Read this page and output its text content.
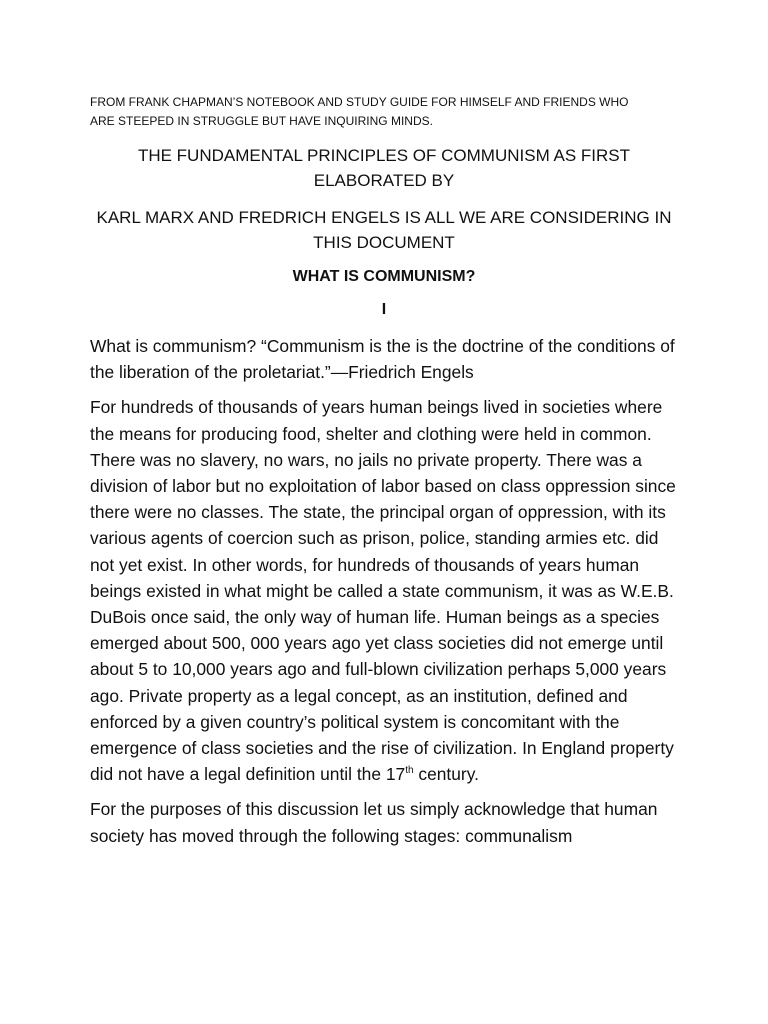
FROM FRANK CHAPMAN’S NOTEBOOK AND STUDY GUIDE FOR HIMSELF AND FRIENDS WHO ARE STEEPED IN STRUGGLE BUT HAVE INQUIRING MINDS.

THE FUNDAMENTAL PRINCIPLES OF COMMUNISM AS FIRST ELABORATED BY

KARL MARX AND FREDRICH ENGELS IS ALL WE ARE CONSIDERING IN THIS DOCUMENT

WHAT IS COMMUNISM?

I

What is communism? “Communism is the is the doctrine of the conditions of the liberation of the proletariat.”—Friedrich Engels

For hundreds of thousands of years human beings lived in societies where the means for producing food, shelter and clothing were held in common. There was no slavery, no wars, no jails no private property. There was a division of labor but no exploitation of labor based on class oppression since there were no classes. The state, the principal organ of oppression, with its various agents of coercion such as prison, police, standing armies etc. did not yet exist. In other words, for hundreds of thousands of years human beings existed in what might be called a state communism, it was as W.E.B. DuBois once said, the only way of human life. Human beings as a species emerged about 500, 000 years ago yet class societies did not emerge until about 5 to 10,000 years ago and full-blown civilization perhaps 5,000 years ago. Private property as a legal concept, as an institution, defined and enforced by a given country’s political system is concomitant with the emergence of class societies and the rise of civilization. In England property did not have a legal definition until the 17th century.

For the purposes of this discussion let us simply acknowledge that human society has moved through the following stages: communalism
